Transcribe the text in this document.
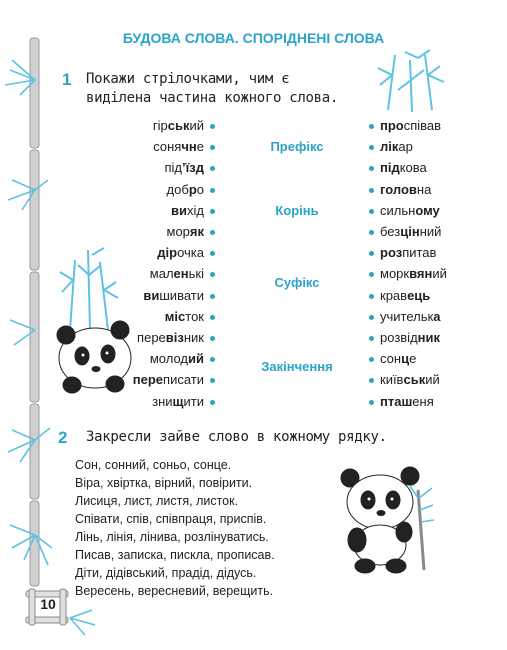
БУДОВА СЛОВА. СПОРІДНЕНІ СЛОВА
1 Покажи стрілочками, чим є
виділена частина кожного слова.
гірський
сонячне
під’їзд
добро
вихід
моряк
дірочка
маленькі
вишивати
місток
перевізник
молодий
переписати
знищити
проспівав
лікар
підкова
головна
сильному
безцінний
розпитав
морквяний
кравець
учителька
розвідник
сонце
київський
пташеня
Префікс
Корінь
Суфікс
Закінчення
2 Закресли зайве слово в кожному рядку.
Сон, сонний, соньо, сонце.
Віра, хвіртка, вірний, повірити.
Лисиця, лист, листя, листок.
Співати, спів, співпраця, приспів.
Лінь, лінія, лінива, розлінуватись.
Писав, записка, писклa, прописав.
Діти, дідівський, прадід, дідусь.
Вересень, вересневий, верещить.
10
